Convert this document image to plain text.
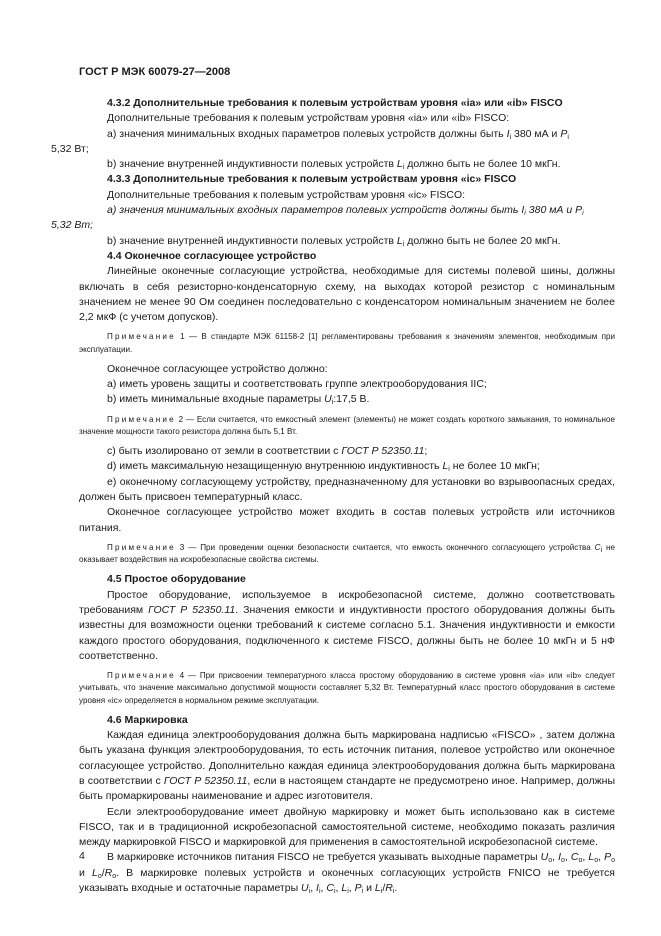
ГОСТ Р МЭК 60079-27—2008

4.3.2 Дополнительные требования к полевым устройствам уровня «ia» или «ib» FISCO

Дополнительные требования к полевым устройствам уровня «ia» или «ib» FISCO:

а) значения минимальных входных параметров полевых устройств должны быть $I_i$ 380 мА и $P_i$
5,32 Вт;

b) значение внутренней индуктивности полевых устройств $L_i$ должно быть не более 10 мкГн.

4.3.3 Дополнительные требования к полевым устройствам уровня «ic» FISCO

Дополнительные требования к полевым устройствам уровня «ic» FISCO:

а) значения минимальных входных параметров полевых устройств должны быть $I_i$ 380 мА и $P_i$
5,32 Вт;

b) значение внутренней индуктивности полевых устройств $L_i$ должно быть не более 20 мкГн.

4.4 Оконечное согласующее устройство

Линейные оконечные согласующие устройства, необходимые для системы полевой шины, должны включать в себя резисторно-конденсаторную схему, на выходах которой резистор с номинальным значением не менее 90 Ом соединен последовательно с конденсатором номинальным значением не более 2,2 мкФ (с учетом допусков).

Примечание 1 — В стандарте МЭК 61158-2 [1] регламентированы требования к значениям элементов, необходимым при эксплуатации.

Оконечное согласующее устройство должно:

а) иметь уровень защиты и соответствовать группе электрооборудования IIC;

b) иметь минимальные входные параметры $U_i:17,5$ В.

Примечание 2 — Если считается, что емкостный элемент (элементы) не может создать короткого замыкания, то номинальное значение мощности такого резистора должна быть 5,1 Вт.

с) быть изолировано от земли в соответствии с ГОСТ Р 52350.11;

d) иметь максимальную незащищенную внутреннюю индуктивность $L_i$ не более 10 мкГн;

е) оконечному согласующему устройству, предназначенному для установки во взрывоопасных средах, должен быть присвоен температурный класс.

Оконечное согласующее устройство может входить в состав полевых устройств или источников питания.

Примечание 3 — При проведении оценки безопасности считается, что емкость оконечного согласующего устройства $C_i$ не оказывает воздействия на искробезопасные свойства системы.

4.5 Простое оборудование

Простое оборудование, используемое в искробезопасной системе, должно соответствовать требованиям ГОСТ Р 52350.11. Значения емкости и индуктивности простого оборудования должны быть известны для возможности оценки требований к системе согласно 5.1. Значения индуктивности и емкости каждого простого оборудования, подключенного к системе FISCO, должны быть не более 10 мкГн и 5 нФ соответственно.

Примечание 4 — При присвоении температурного класса простому оборудованию в системе уровня «ia» или «ib» следует учитывать, что значение максимально допустимой мощности составляет 5,32 Вт. Температурный класс простого оборудования в системе уровня «ic» определяется в нормальном режиме эксплуатации.

4.6 Маркировка

Каждая единица электрооборудования должна быть маркирована надписью «FISCO» , затем должна быть указана функция электрооборудования, то есть источник питания, полевое устройство или оконечное согласующее устройство. Дополнительно каждая единица электрооборудования должна быть маркирована в соответствии с ГОСТ Р 52350.11, если в настоящем стандарте не предусмотрено иное. Например, должны быть промаркированы наименование и адрес изготовителя.

Если электрооборудование имеет двойную маркировку и может быть использовано как в системе FISCO, так и в традиционной искробезопасной самостоятельной системе, необходимо показать различия между маркировкой FISCO и маркировкой для применения в самостоятельной искробезопасной системе.

В маркировке источников питания FISCO не требуется указывать выходные параметры $U_o$, $I_o$, $C_o$, $L_o$, $P_o$ и $L_o/R_o$. В маркировке полевых устройств и оконечных согласующих устройств FNICO не требуется указывать входные и остаточные параметры $U_i$, $I_i$, $C_i$, $L_i$, $P_i$ и $L_i/R_i$.

4
